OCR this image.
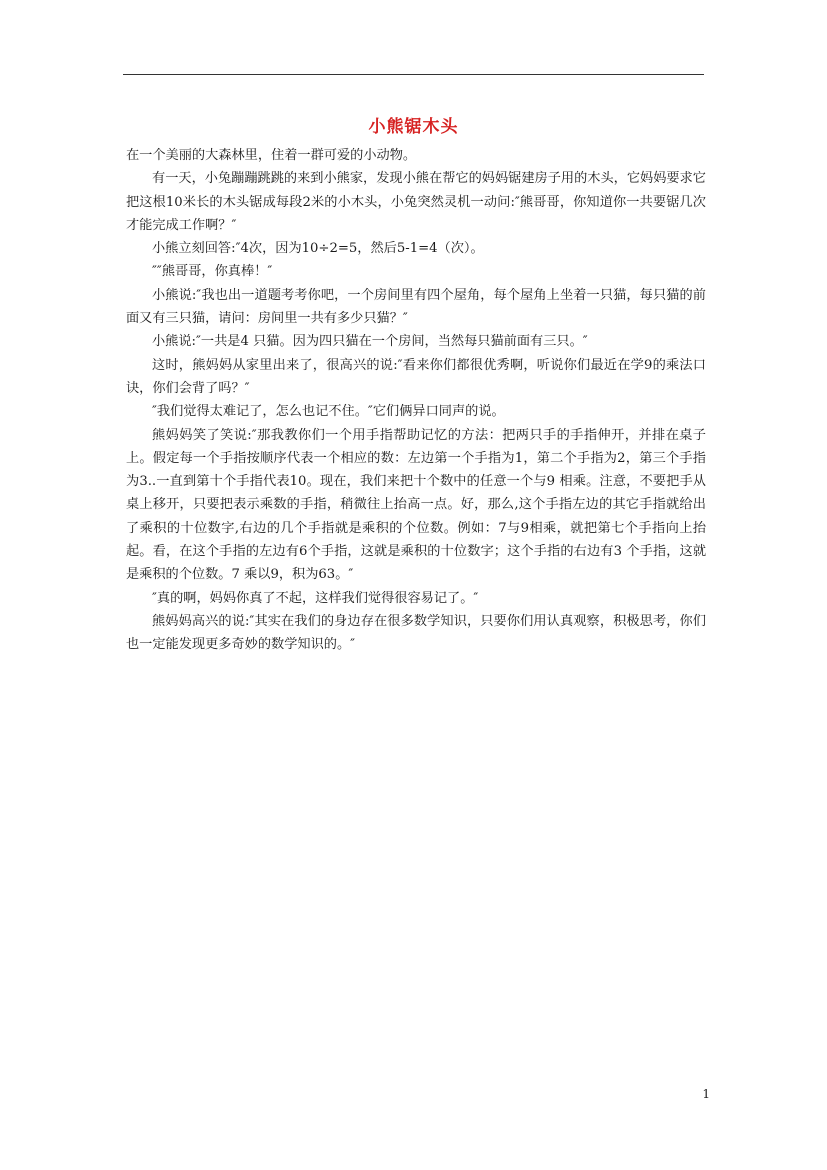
小熊锯木头

在一个美丽的大森林里，住着一群可爱的小动物。

有一天，小兔蹦蹦跳跳的来到小熊家，发现小熊在帮它的妈妈锯建房子用的木头，它妈妈要求它把这根10米长的木头锯成每段2米的小木头，小兔突然灵机一动问:″熊哥哥，你知道你一共要锯几次才能完成工作啊？″

小熊立刻回答:″4次，因为10÷2=5，然后5-1=4（次）。

″″熊哥哥，你真棒！″

小熊说:″我也出一道题考考你吧，一个房间里有四个屋角，每个屋角上坐着一只猫，每只猫的前面又有三只猫，请问：房间里一共有多少只猫？″

小熊说:″一共是4 只猫。因为四只猫在一个房间，当然每只猫前面有三只。″

这时，熊妈妈从家里出来了，很高兴的说:″看来你们都很优秀啊，听说你们最近在学9的乘法口诀，你们会背了吗？″

″我们觉得太难记了，怎么也记不住。″它们俩异口同声的说。

熊妈妈笑了笑说:″那我教你们一个用手指帮助记忆的方法：把两只手的手指伸开，并排在桌子上。假定每一个手指按顺序代表一个相应的数：左边第一个手指为1，第二个手指为2，第三个手指为3..一直到第十个手指代表10。现在，我们来把十个数中的任意一个与9 相乘。注意，不要把手从桌上移开，只要把表示乘数的手指，稍微往上抬高一点。好，那么,这个手指左边的其它手指就给出了乘积的十位数字,右边的几个手指就是乘积的个位数。例如：7与9相乘，就把第七个手指向上抬起。看，在这个手指的左边有6个手指，这就是乘积的十位数字；这个手指的右边有3 个手指，这就是乘积的个位数。7 乘以9，积为63。″

″真的啊，妈妈你真了不起，这样我们觉得很容易记了。″

熊妈妈高兴的说:″其实在我们的身边存在很多数学知识，只要你们用认真观察，积极思考，你们也一定能发现更多奇妙的数学知识的。″

1
